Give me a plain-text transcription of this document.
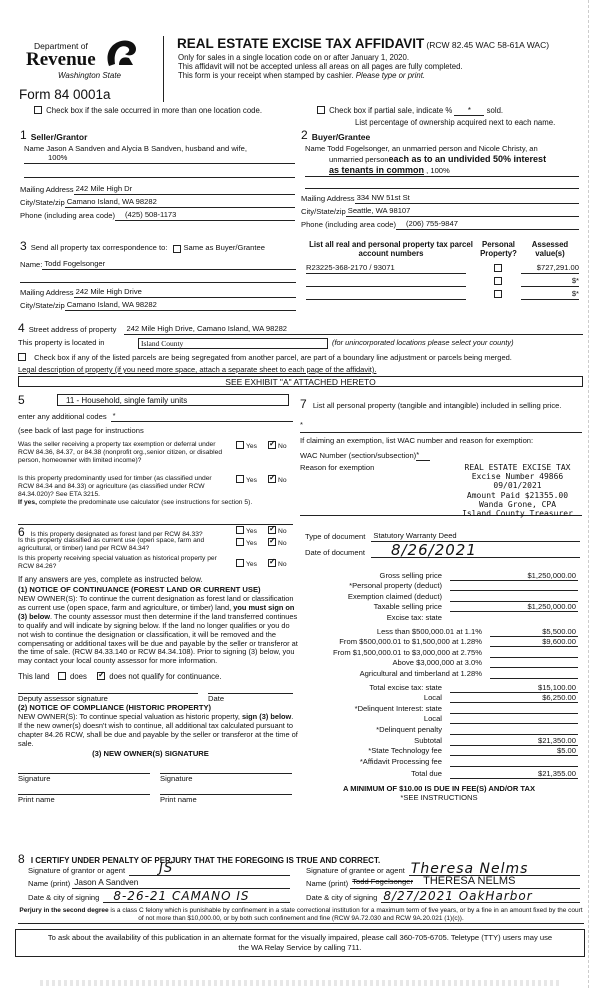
Department of
Revenue
Washington State
Form 84 0001a
REAL ESTATE EXCISE TAX AFFIDAVIT (RCW 82.45 WAC 58-61A WAC)
Only for sales in a single location code on or after January 1, 2020.
This affidavit will not be accepted unless all areas on all pages are fully completed.
This form is your receipt when stamped by cashier. Please type or print.
Check box if the sale occurred in more than one location code.	Check box if partial sale, indicate % * sold.
List percentage of ownership acquired next to each name.
1 Seller/Grantor
Name Jason A Sandven and Alycia B Sandven, husband and wife,
100%
Mailing Address 242 Mile High Dr
City/State/zip Camano Island, WA 98282
Phone (including area code)	(425) 508-1173
2 Buyer/Grantee
Name Todd Fogelsonger, an unmarried person and Nicole Christy, an
unmarried personeach as to an undivided 50% interest
as tenants in common , 100%
Mailing Address 334 NW 51st St
City/State/zip Seattle, WA 98107
Phone (including area code)	(206) 755-9847
3 Send all property tax correspondence to: Same as Buyer/Grantee
Name: Todd Fogelsonger
Mailing Address 242 Mile High Drive
City/State/zip Camano Island, WA 98282
List all real and personal property tax parcel account numbers
Personal Property?
Assessed value(s)
R23225-368-2170 / 93071	$727,291.00
$*
$*
4 Street address of property 242 Mile High Drive, Camano Island, WA 98282
This property is located in	Island County	(for unincorporated locations please select your county)
Check box if any of the listed parcels are being segregated from another parcel, are part of a boundary line adjustment or parcels being merged.
Legal description of property (if you need more space, attach a separate sheet to each page of the affidavit).
SEE EXHIBIT "A" ATTACHED HERETO
5	11 - Household, single family units
enter any additional codes *
(see back of last page for instructions
Was the seller receiving a property tax exemption or deferral under RCW 84.36, 84.37, or 84.38 (nonprofit org.,senior citizen, or disabled person, homeowner with limited income)?
Yes ✓	No
Is this property predominantly used for timber (as classified under RCW 84.34 and 84.33) or agriculture (as classified under RCW 84.34.020)? See ETA 3215.
If yes, complete the predominate use calculator (see instructions for section 5).
Yes ✓	No
6 Is this property designated as forest land per RCW 84.33?	Yes ✓	No
Is this property classified as current use (open space, farm and agricultural, or timber) land per RCW 84.34?
Yes ✓	No
Is this property receiving special valuation as historical property per RCW 84.26?	Yes ✓	No
If any answers are yes, complete as instructed below.
(1) NOTICE OF CONTINUANCE (FOREST LAND OR CURRENT USE)
NEW OWNER(S): To continue the current designation as forest land or classification as current use (open space, farm and agriculture, or timber) land, you must sign on (3) below. The county assessor must then determine if the land transferred continues to qualify and will indicate by signing below. If the land no longer qualifies or you do not wish to continue the designation or classification, it will be removed and the compensating or additional taxes will be due and payable by the seller or transferor at the time of sale. (RCW 84.33.140 or RCW 84.34.108). Prior to signing (3) below, you may contact your local county assessor for more information.
This land	does ✓	does not qualify for continuance.
Deputy assessor signature	Date
(2) NOTICE OF COMPLIANCE (HISTORIC PROPERTY)
NEW OWNER(S): To continue special valuation as historic property, sign (3) below. If the new owner(s) doesn't wish to continue, all additional tax calculated pursuant to chapter 84.26 RCW, shall be due and payable by the seller or transferor at the time of sale.
(3) NEW OWNER(S) SIGNATURE
Signature	Signature
Print name	Print name
7 List all personal property (tangible and intangible) included in selling price.
*
If claiming an exemption, list WAC number and reason for exemption:
WAC Number (section/subsection) *
Reason for exemption	REAL ESTATE EXCISE TAX
Excise Number 49866
09/01/2021
Amount Paid $21355.00
Wanda Grone, CPA
Island County Treasurer
Type of document Statutory Warranty Deed
Date of document	8/26/2021
Gross selling price	$1,250,000.00
*Personal property (deduct)
Exemption claimed (deduct)
Taxable selling price	$1,250,000.00
Excise tax: state
Less than $500,000.01 at 1.1%	$5,500.00
From $500,000.01 to $1,500,000 at 1.28%	$9,600.00
From $1,500,000.01 to $3,000,000 at 2.75%
Above $3,000,000 at 3.0%
Agricultural and timberland at 1.28%
Total excise tax: state	$15,100.00
Local	$6,250.00
*Delinquent Interest: state
Local
*Delinquent penalty
Subtotal	$21,350.00
*State Technology fee	$5.00
*Affidavit Processing fee
Total due	$21,355.00
A MINIMUM OF $10.00 IS DUE IN FEE(S) AND/OR TAX
*SEE INSTRUCTIONS
8 I CERTIFY UNDER PENALTY OF PERJURY THAT THE FOREGOING IS TRUE AND CORRECT.
Signature of grantor or agent	JS
Name (print) Jason A Sandven
Date & city of signing	8-26-21 CAMANO IS
Signature of grantee or agent Theresa Nelms
Name (print) Todd Fogelsonger THERESA NELMS
Date & city of signing 8/27/2021 OakHarbor
Perjury in the second degree is a class C felony which is punishable by confinement in a state correctional institution for a maximum term of five years, or by a fine in an amount fixed by the court of not more than $10,000.00, or by both such confinement and fine (RCW 9A.72.030 and RCW 9A.20.021 (1)(c)).
To ask about the availability of this publication in an alternate format for the visually impaired, please call 360-705-6705. Teletype (TTY) users may use the WA Relay Service by calling 711.
